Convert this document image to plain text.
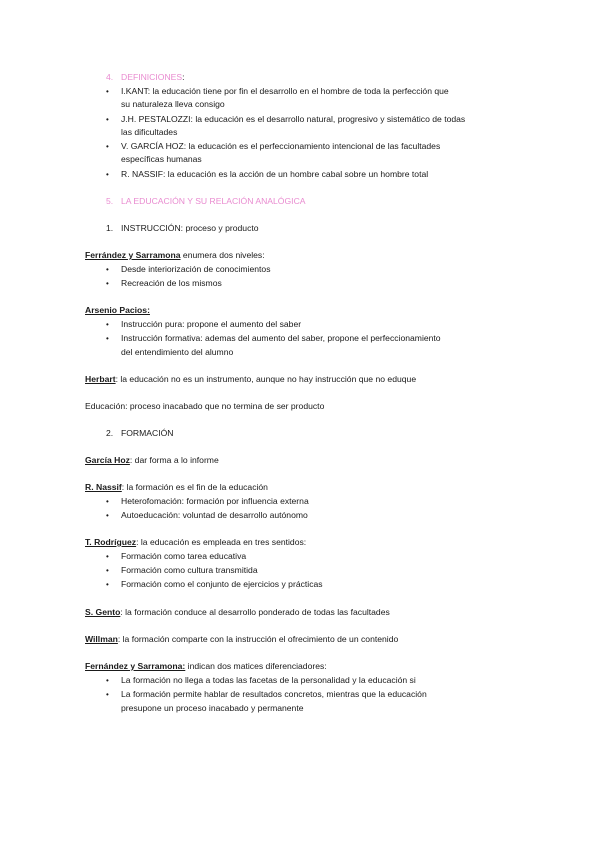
4. DEFINICIONES:
• I.KANT: la educación tiene por fin el desarrollo en el hombre de toda la perfección que
su naturaleza lleva consigo
• J.H. PESTALOZZI: la educación es el desarrollo natural, progresivo y sistemático de todas
las dificultades
• V. GARCÍA HOZ: la educación es el perfeccionamiento intencional de las facultades
específicas humanas
• R. NASSIF: la educación es la acción de un hombre cabal sobre un hombre total
5. LA EDUCACIÓN Y SU RELACIÓN ANALÓGICA
1. INSTRUCCIÓN: proceso y producto
Ferrández y Sarramona enumera dos niveles:
• Desde interiorización de conocimientos
• Recreación de los mismos
Arsenio Pacios:
• Instrucción pura: propone el aumento del saber
• Instrucción formativa: ademas del aumento del saber, propone el perfeccionamiento
del entendimiento del alumno
Herbart: la educación no es un instrumento, aunque no hay instrucción que no eduque
Educación: proceso inacabado que no termina de ser producto
2. FORMACIÓN
García Hoz: dar forma a lo informe
R. Nassif: la formación es el fin de la educación
• Heterofomación: formación por influencia externa
• Autoeducación: voluntad de desarrollo autónomo
T. Rodríguez: la educación es empleada en tres sentidos:
• Formación como tarea educativa
• Formación como cultura transmitida
• Formación como el conjunto de ejercicios y prácticas
S. Gento: la formación conduce al desarrollo ponderado de todas las facultades
Willman: la formación comparte con la instrucción el ofrecimiento de un contenido
Fernández y Sarramona: indican dos matices diferenciadores:
• La formación no llega a todas las facetas de la personalidad y la educación si
• La formación permite hablar de resultados concretos, mientras que la educación
presupone un proceso inacabado y permanente
